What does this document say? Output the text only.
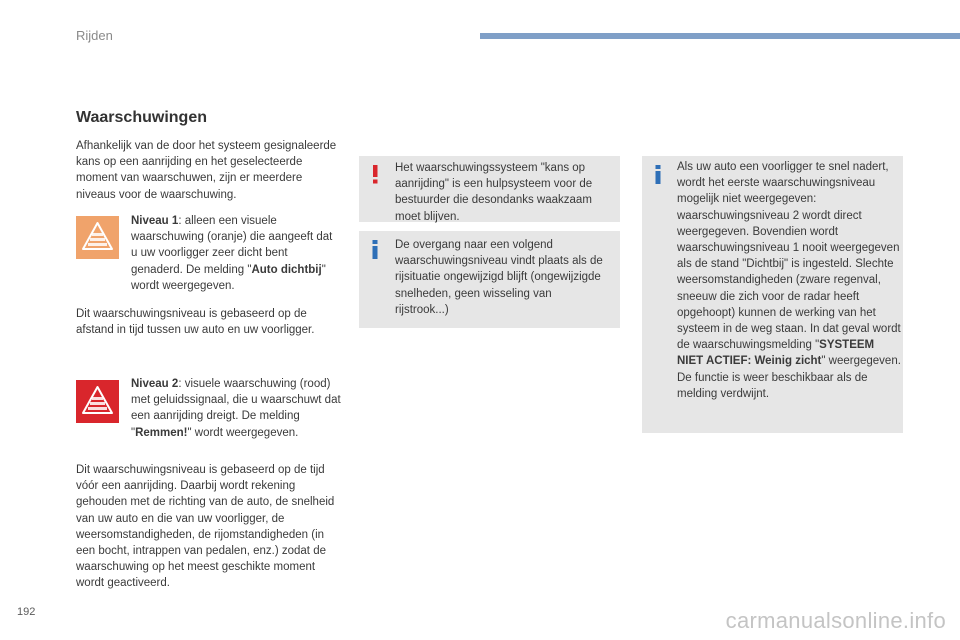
Rijden
Waarschuwingen
Afhankelijk van de door het systeem gesignaleerde kans op een aanrijding en het geselecteerde moment van waarschuwen, zijn er meerdere niveaus voor de waarschuwing.
Niveau 1: alleen een visuele waarschuwing (oranje) die aangeeft dat u uw voorligger zeer dicht bent genaderd. De melding "Auto dichtbij" wordt weergegeven.
Dit waarschuwingsniveau is gebaseerd op de afstand in tijd tussen uw auto en uw voorligger.
Niveau 2: visuele waarschuwing (rood) met geluidssignaal, die u waarschuwt dat een aanrijding dreigt. De melding "Remmen!" wordt weergegeven.
Dit waarschuwingsniveau is gebaseerd op de tijd vóór een aanrijding. Daarbij wordt rekening gehouden met de richting van de auto, de snelheid van uw auto en die van uw voorligger, de weersomstandigheden, de rijomstandigheden (in een bocht, intrappen van pedalen, enz.) zodat de waarschuwing op het meest geschikte moment wordt geactiveerd.
Het waarschuwingssysteem "kans op aanrijding" is een hulpsysteem voor de bestuurder die desondanks waakzaam moet blijven.
De overgang naar een volgend waarschuwingsniveau vindt plaats als de rijsituatie ongewijzigd blijft (ongewijzigde snelheden, geen wisseling van rijstrook...)
Als uw auto een voorligger te snel nadert, wordt het eerste waarschuwingsniveau mogelijk niet weergegeven: waarschuwingsniveau 2 wordt direct weergegeven. Bovendien wordt waarschuwingsniveau 1 nooit weergegeven als de stand "Dichtbij" is ingesteld. Slechte weersomstandigheden (zware regenval, sneeuw die zich voor de radar heeft opgehoopt) kunnen de werking van het systeem in de weg staan. In dat geval wordt de waarschuwingsmelding "SYSTEEM NIET ACTIEF: Weinig zicht" weergegeven. De functie is weer beschikbaar als de melding verdwijnt.
192	carmanualsonline.info
